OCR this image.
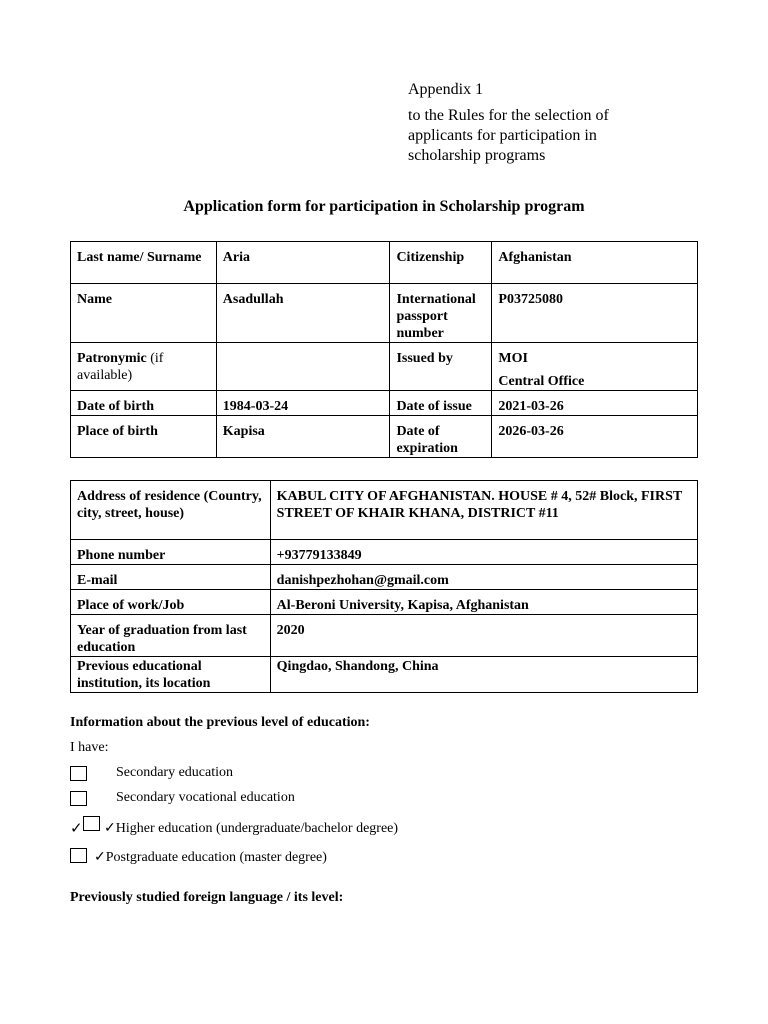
Appendix 1
to the Rules for the selection of
applicants for participation in
scholarship programs
Application form for participation in Scholarship program
Last name/ Surname	Aria	Citizenship	Afghanistan
Name	Asadullah	International passport number	P03725080
Patronymic (if available)		Issued by	MOI
Central Office

Date of birth	1984-03-24	Date of issue	2021-03-26
Place of birth	Kapisa	Date of expiration	2026-03-26
Address of residence (Country, city, street, house)	KABUL CITY OF AFGHANISTAN. HOUSE # 4, 52# Block, FIRST STREET OF KHAIR KHANA, DISTRICT #11
Phone number	+93779133849
E-mail	danishpezhohan@gmail.com
Place of work/Job	Al-Beroni University, Kapisa, Afghanistan
Year of graduation from last education	2020
Previous educational institution, its location	Qingdao, Shandong, China
Information about the previous level of education:
I have:
Secondary education
Secondary vocational education
✓ ✓Higher education (undergraduate/bachelor degree)
✓Postgraduate education (master degree)
Previously studied foreign language / its level:
